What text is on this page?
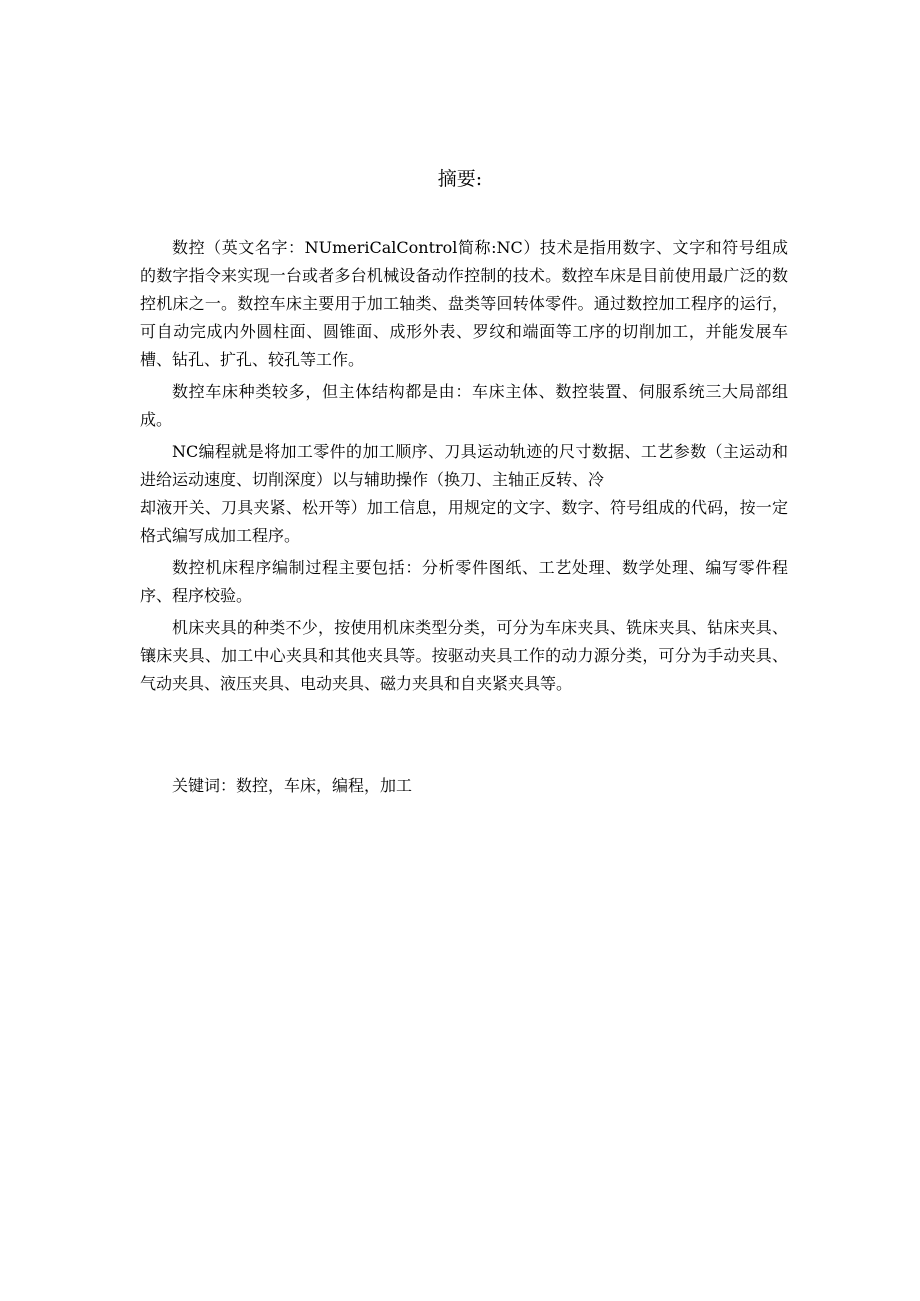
摘要:

数控（英文名字：NUmeriCalControl简称:NC）技术是指用数字、文字和符号组成的数字指令来实现一台或者多台机械设备动作控制的技术。数控车床是目前使用最广泛的数控机床之一。数控车床主要用于加工轴类、盘类等回转体零件。通过数控加工程序的运行，可自动完成内外圆柱面、圆锥面、成形外表、罗纹和端面等工序的切削加工，并能发展车槽、钻孔、扩孔、较孔等工作。

数控车床种类较多，但主体结构都是由：车床主体、数控装置、伺服系统三大局部组成。

NC编程就是将加工零件的加工顺序、刀具运动轨迹的尺寸数据、工艺参数（主运动和进给运动速度、切削深度）以与辅助操作（换刀、主轴正反转、冷

却液开关、刀具夹紧、松开等）加工信息，用规定的文字、数字、符号组成的代码，按一定格式编写成加工程序。

数控机床程序编制过程主要包括：分析零件图纸、工艺处理、数学处理、编写零件程序、程序校验。

机床夹具的种类不少，按使用机床类型分类，可分为车床夹具、铣床夹具、钻床夹具、镶床夹具、加工中心夹具和其他夹具等。按驱动夹具工作的动力源分类，可分为手动夹具、气动夹具、液压夹具、电动夹具、磁力夹具和自夹紧夹具等。

关键词：数控，车床，编程，加工
